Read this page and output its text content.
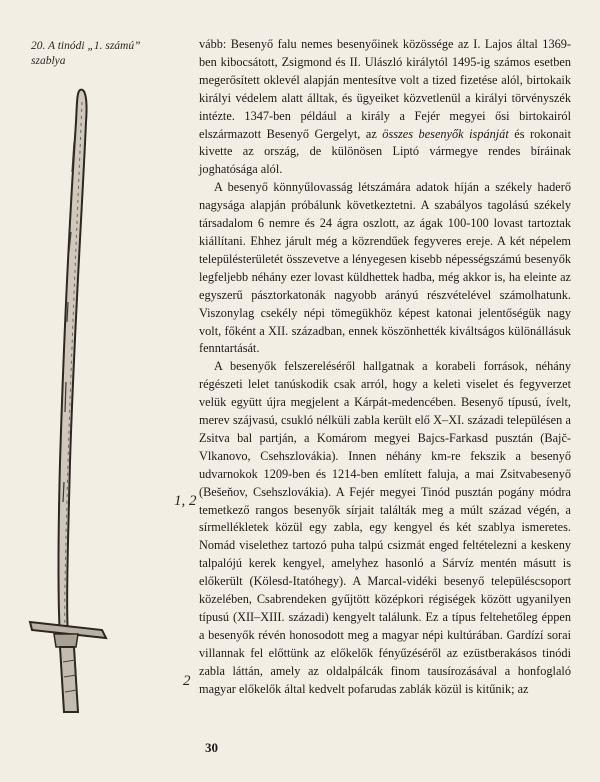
20. A tinódi „1. számú”
szablya
1, 2
2

vább: Besenyő falu nemes besenyőinek közössége az I. Lajos által 1369-ben kibocsátott, Zsigmond és II. Ulászló királytól 1495-ig számos esetben megerősített oklevél alapján mentesítve volt a tized fizetése alól, birtokaik királyi védelem alatt álltak, és ügyeiket közvetlenül a királyi törvényszék intézte. 1347-ben például a király a Fejér megyei ősi birtokairól elszármazott Besenyő Gergelyt, az összes besenyők ispánját és rokonait kivette az ország, de különösen Liptó vármegye rendes bíráinak joghatósága alól.

A besenyő könnyűlovasság létszámára adatok híján a székely haderő nagysága alapján próbálunk következtetni. A szabályos tagolású székely társadalom 6 nemre és 24 ágra oszlott, az ágak 100-100 lovast tartoztak kiállítani. Ehhez járult még a közrendűek fegyveres ereje. A két népelem településterületét összevetve a lényegesen kisebb népességszámú besenyők legfeljebb néhány ezer lovast küldhettek hadba, még akkor is, ha eleinte az egyszerű pásztorkatonák nagyobb arányú részvételével számolhatunk. Viszonylag csekély népi tömegükhöz képest katonai jelentőségük nagy volt, főként a XII. században, ennek köszönhették kiváltságos különállásuk fenntartását.

A besenyők felszereléséről hallgatnak a korabeli források, néhány régészeti lelet tanúskodik csak arról, hogy a keleti viselet és fegyverzet velük együtt újra megjelent a Kárpát-medencében. Besenyő típusú, ívelt, merev szájvasú, csukló nélküli zabla került elő X–XI. századi településen a Zsitva bal partján, a Komárom megyei Bajcs-Farkasd pusztán (Bajč-Vlkanovo, Csehszlovákia). Innen néhány km-re fekszik a besenyő udvarnokok 1209-ben és 1214-ben említett faluja, a mai Zsitvabesenyő (Bešeňov, Csehszlovákia). A Fejér megyei Tinód pusztán pogány módra temetkező rangos besenyők sírjait találták meg a múlt század végén, a sírmellékletek közül egy zabla, egy kengyel és két szablya ismeretes. Nomád viselethez tartozó puha talpú csizmát enged feltételezni a keskeny talpalójú kerek kengyel, amelyhez hasonló a Sárvíz mentén másutt is előkerült (Kölesd-Itatóhegy). A Marcal-vidéki besenyő településcsoport közelében, Csabrendeken gyűjtött középkori régiségek között ugyanilyen típusú (XII–XIII. századi) kengyelt találunk. Ez a típus feltehetőleg éppen a besenyők révén honosodott meg a magyar népi kultúrában. Gardízí sorai villannak fel előttünk az előkelők fényűzéséről az ezüstberakásos tinódi zabla láttán, amely az oldalpálcák finom tausírozásával a honfoglaló magyar előkelők által kedvelt pofarudas zablák közül is kitűnik; az

30
